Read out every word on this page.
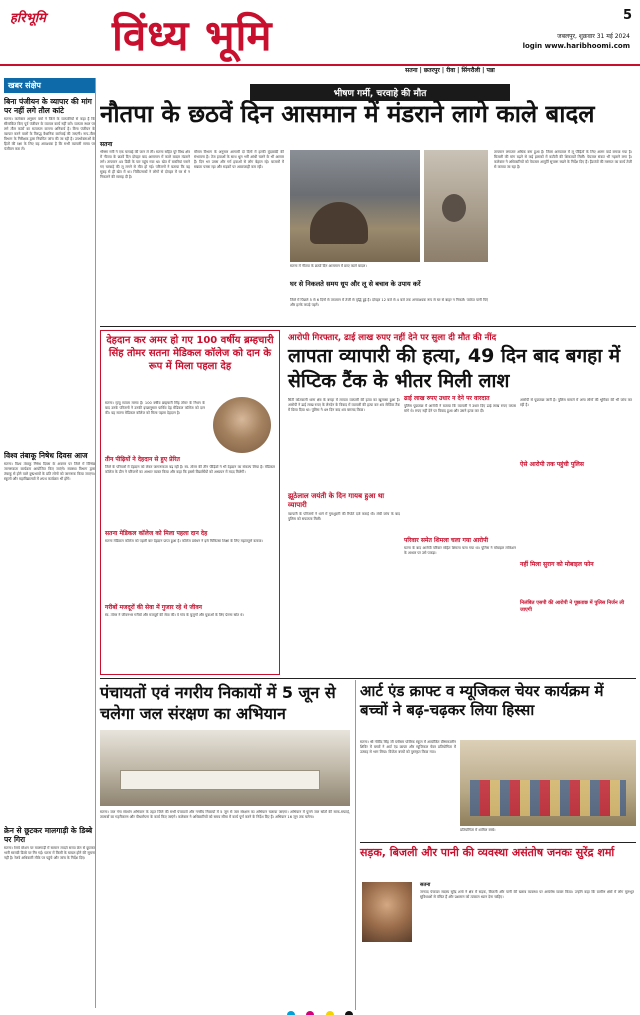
हरिभूमि विंध्य भूमि	5
जबलपुर, शुक्रवार 31 मई 2024
login www.haribhoomi.com
सतना | छतरपुर | रीवा | सिंगरौली | पन्ना
खबर संक्षेप
बिना पंजीयन के व्यापार की मांग पर नहीं लगे तौल कांटे
सतना। कलेक्टर अनुराग वर्मा ने जिले के व्यापारियों से कहा है कि सीमांकित किए पूर्व पंजीयन के व्यापार कार्य नहीं करें। व्यापार स्थल पर लगे तौल कांटों का सत्यापन कराना अनिवार्य है। बिना पंजीयन के व्यापार करने वालों के विरुद्ध वैधानिक कार्रवाई की जाएगी। नाप-तौल विभाग के निरीक्षक द्वारा नियमित जांच की जा रही है। उपभोक्ताओं के हितों की रक्षा के लिए यह आवश्यक है कि सभी व्यापारी समय पर पंजीयन करा लें।
विश्व तंबाकू निषेध दिवस आज
सतना। विश्व तंबाकू निषेध दिवस के अवसर पर जिले में विभिन्न जागरूकता कार्यक्रम आयोजित किए जाएंगे। स्वास्थ्य विभाग द्वारा तंबाकू से होने वाले दुष्प्रभावों के प्रति लोगों को जागरूक किया जाएगा। स्कूलों और महाविद्यालयों में शपथ कार्यक्रम भी होंगे।
क्रेन से छूटकर मालगाड़ी के डिब्बे पर गिरा
सतना। रेलवे स्टेशन पर मालगाड़ी में सामान लादते समय क्रेन से छूटकर भारी सामग्री डिब्बे पर गिर गई। घटना में किसी के घायल होने की सूचना नहीं है। रेलवे अधिकारी मौके पर पहुंचे और जांच के निर्देश दिए।
भीषण गर्मी, चरवाहे की मौत
नौतपा के छठवें दिन आसमान में मंडराने लागे काले बादल
सतना
भीषण गर्मी ने एक चरवाहे की जान ले ली। सतना सहित पूरे विंध्य क्षेत्र में नौतपा के छठवें दिन दोपहर बाद आसमान में काले बादल मंडराने लगे। तापमान 45 डिग्री के पार पहुंच गया था। खेत में बकरियां चराने गए चरवाहे की लू लगने से मौत हो गई। परिजनों ने बताया कि वह सुबह से ही खेत में था। चिकित्सकों ने लोगों से दोपहर में घर से न निकलने की सलाह दी है।
मौसम विभाग के अनुसार आगामी दो दिनों में हल्की बूंदाबांदी की संभावना है। तेज हवाओं के साथ धूल भरी आंधी चलने के भी आसार हैं। दिन भर उमस और गर्म हवाओं से लोग बेहाल रहे। बाजारों में सन्नाटा पसरा रहा और सड़कों पर आवाजाही कम रही।
सतना में नौतपा के छठवें दिन आसमान में छाए काले बादल।
घर से निकलते समय धूप और लू से बचाव के उपाय करें
जिले में पिछले 5 से 6 दिनों से तापमान में तेजी से वृद्धि हुई है। दोपहर 12 बजे से 4 बजे तक अनावश्यक रूप से घर से बाहर न निकलें। पर्याप्त पानी पिएं और हल्के कपड़े पहनें।
तापमान लगातार अधिक बना हुआ है। जिला अस्पताल में लू पीड़ितों के लिए अलग वार्ड बनाया गया है। बिजली की मांग बढ़ने से कई इलाकों में कटौती की शिकायतें मिलीं। पेयजल संकट भी गहराने लगा है। कलेक्टर ने अधिकारियों को पेयजल आपूर्ति सुचारू रखने के निर्देश दिए हैं। हैंडपंपों की मरम्मत का कार्य तेजी से कराया जा रहा है।
देहदान कर अमर हो गए 100 वर्षीय ब्रम्हचारी सिंह तोमर सतना मेडिकल कॉलेज को दान के रूप में मिला पहला देह
सतना। मृत्यु सत्यम मानव है। 100 वर्षीय ब्रम्हचारी सिंह तोमर के निधन के बाद उनके परिजनों ने उनकी इच्छानुसार पार्थिव देह मेडिकल कॉलेज को दान की। यह सतना मेडिकल कॉलेज को मिला पहला देहदान है।
तीन पीढ़ियों ने देहदान से हुए प्रेरित
जिले के परिवारों में देहदान को लेकर जागरूकता बढ़ रही है। स्व. तोमर की तीन पीढ़ियों ने भी देहदान का संकल्प लिया है। मेडिकल कॉलेज के डीन ने परिजनों का आभार व्यक्त किया और कहा कि इससे विद्यार्थियों को अध्ययन में मदद मिलेगी।
सतना मेडिकल कॉलेज को मिला पहला दान देह
सतना मेडिकल कॉलेज को पहली बार देहदान प्राप्त हुआ है। कॉलेज प्रबंधन ने इसे चिकित्सा शिक्षा के लिए महत्वपूर्ण बताया।
गरीबों मजदूरों की सेवा में गुजार रहे थे जीवन
स्व. तोमर ने जीवनभर गरीबों और मजदूरों की सेवा की। वे गांव के बुजुर्गों और युवाओं के लिए प्रेरणा स्रोत थे।
आरोपी गिरफ्तार, ढाई लाख रुपए नहीं देने पर सुला दी मौत की नींद
लापता व्यापारी की हत्या, 49 दिन बाद बगहा में सेप्टिक टैंक के भीतर मिली लाश
सिटी कोतवाली थाना क्षेत्र के बगहा में लापता व्यापारी की हत्या का खुलासा हुआ है। आरोपी ने ढाई लाख रुपए के लेनदेन के विवाद में व्यापारी की हत्या कर शव सेप्टिक टैंक में छिपा दिया था। पुलिस ने 49 दिन बाद शव बरामद किया।
ढाई लाख रुपए उधार न देने पर वारदात
पुलिस पूछताछ में आरोपी ने बताया कि व्यापारी ने उधार दिए ढाई लाख रुपए वापस मांगे थे। रुपए नहीं देने पर विवाद हुआ और उसने हत्या कर दी।
झूठेलाल जयंती के दिन गायब हुआ था व्यापारी
व्यापारी के परिजनों ने थाने में गुमशुदगी की रिपोर्ट दर्ज कराई थी। लंबी जांच के बाद पुलिस को सफलता मिली।
परिवार समेत शिमला चला गया आरोपी
घटना के बाद आरोपी परिवार सहित शिमला चला गया था। पुलिस ने मोबाइल लोकेशन के आधार पर उसे पकड़ा।
ऐसे आरोपी तक पहुंची पुलिस
आरोपी से पूछताछ जारी है। पुलिस मामले में अन्य लोगों की भूमिका की भी जांच कर रही है।
नहीं मिला सुराग को मोबाइल फोन
निलंबित एसपी की आरोपी ने पूछताछ में पुलिस निर्जन ली जाएगी
पंचायतों एवं नगरीय निकायों में 5 जून से चलेगा जल संरक्षण का अभियान
सतना। जल गंगा संवर्धन अभियान के तहत जिले की सभी पंचायतों और नगरीय निकायों में 5 जून से जल संरक्षण का अभियान चलाया जाएगा। अभियान में पुराने जल स्रोतों की साफ-सफाई, तालाबों का गहरीकरण और पौधारोपण के कार्य किए जाएंगे। कलेक्टर ने अधिकारियों को समय सीमा में कार्य पूर्ण करने के निर्देश दिए हैं। अभियान 16 जून तक चलेगा।
आर्ट एंड क्राफ्ट व म्यूजिकल चेयर कार्यक्रम में बच्चों ने बढ़-चढ़कर लिया हिस्सा
सतना। श्री गोविंद सिंह जी ब्लॉसम पब्लिक स्कूल में आयोजित ग्रीष्मकालीन शिविर में बच्चों ने आर्ट एंड क्राफ्ट और म्यूजिकल चेयर प्रतियोगिता में उत्साह से भाग लिया। विजेता बच्चों को पुरस्कृत किया गया।
प्रतियोगिता में शामिल बच्चे।
सड़क, बिजली और पानी की व्यवस्था असंतोष जनकः सुरेंद्र शर्मा
सतना
जनपद पंचायत सदस्य सुरेंद्र शर्मा ने क्षेत्र में सड़क, बिजली और पानी की खराब व्यवस्था पर असंतोष व्यक्त किया। उन्होंने कहा कि ग्रामीण क्षेत्रों में लोग मूलभूत सुविधाओं से वंचित हैं और प्रशासन को तत्काल ध्यान देना चाहिए।
